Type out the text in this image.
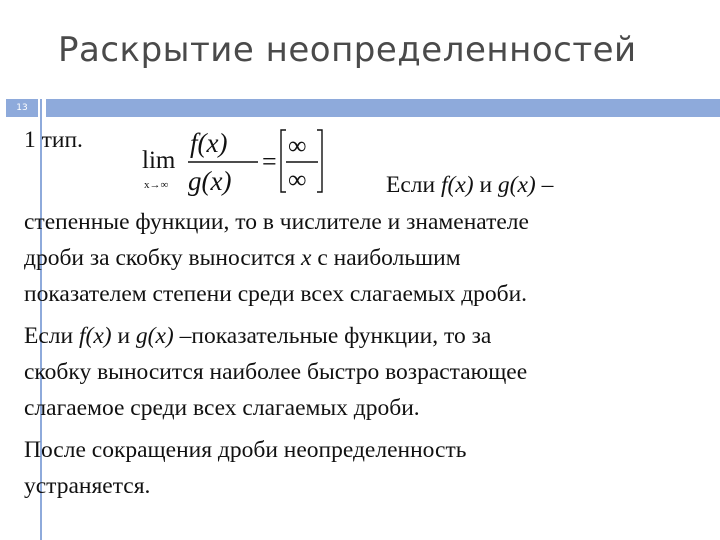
Раскрытие неопределенностей
13
1 тип.
lim
x→∞
f(x)
g(x)
=
∞
∞	Если f(x) и g(x) –
степенные функции, то в числителе и знаменателе
дроби за скобку выносится x с наибольшим
показателем степени среди всех слагаемых дроби.
Если f(x) и g(x) –показательные функции, то за
скобку выносится наиболее быстро возрастающее
слагаемое среди всех слагаемых дроби.
После сокращения дроби неопределенность
устраняется.
